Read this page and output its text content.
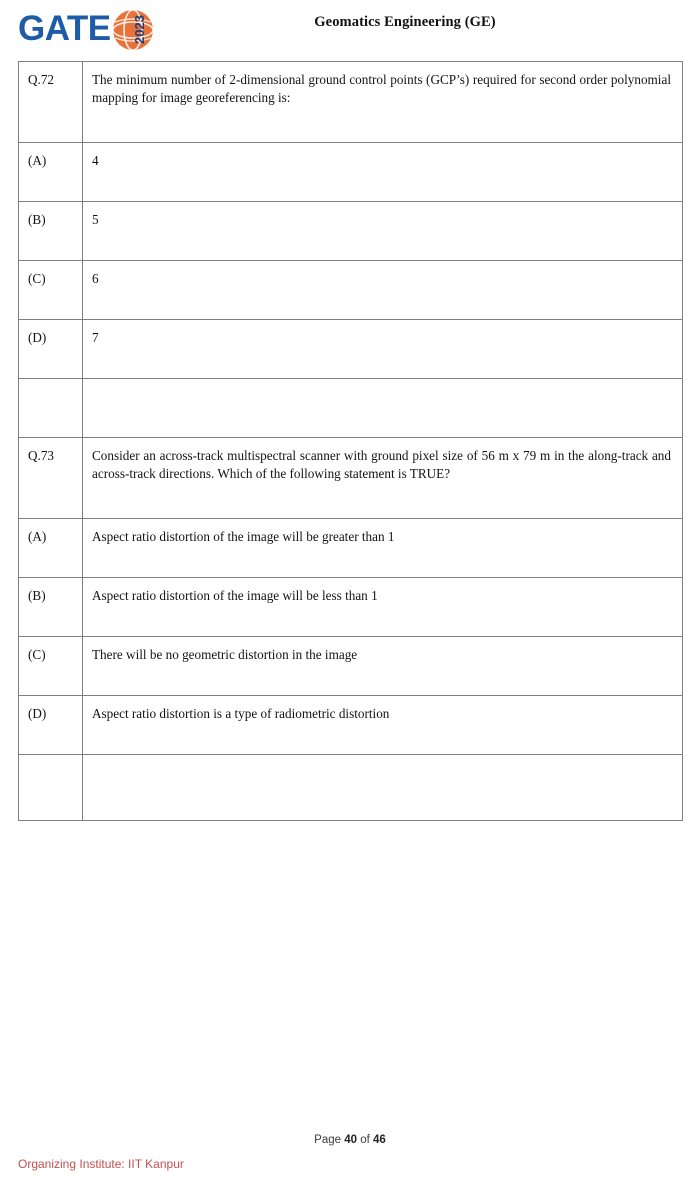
GATE 2023	Geomatics Engineering (GE)
Q.72	The minimum number of 2-dimensional ground control points (GCP’s) required for second order polynomial mapping for image georeferencing is:
(A)	4
(B)	5
(C)	6
(D)	7

Q.73	Consider an across-track multispectral scanner with ground pixel size of 56 m x 79 m in the along-track and across-track directions. Which of the following statement is TRUE?
(A)	Aspect ratio distortion of the image will be greater than 1
(B)	Aspect ratio distortion of the image will be less than 1
(C)	There will be no geometric distortion in the image
(D)	Aspect ratio distortion is a type of radiometric distortion

Page 40 of 46
Organizing Institute: IIT Kanpur
